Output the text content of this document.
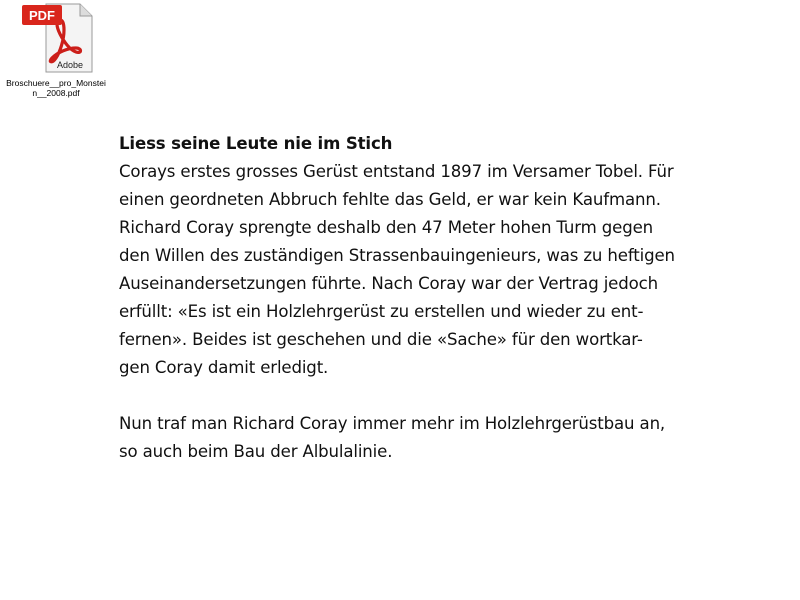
PDF
Adobe
Broschuere__pro_Monstei
n__2008.pdf
Liess seine Leute nie im Stich
Corays erstes grosses Gerüst entstand 1897 im Versamer Tobel. Für
einen geordneten Abbruch fehlte das Geld, er war kein Kaufmann.
Richard Coray sprengte deshalb den 47 Meter hohen Turm gegen
den Willen des zuständigen Strassenbauingenieurs, was zu heftigen
Auseinandersetzungen führte. Nach Coray war der Vertrag jedoch
erfüllt: «Es ist ein Holzlehrgerüst zu erstellen und wieder zu ent-
fernen». Beides ist geschehen und die «Sache» für den wortkar-
gen Coray damit erledigt.
Nun traf man Richard Coray immer mehr im Holzlehrgerüstbau an,
so auch beim Bau der Albulalinie.
